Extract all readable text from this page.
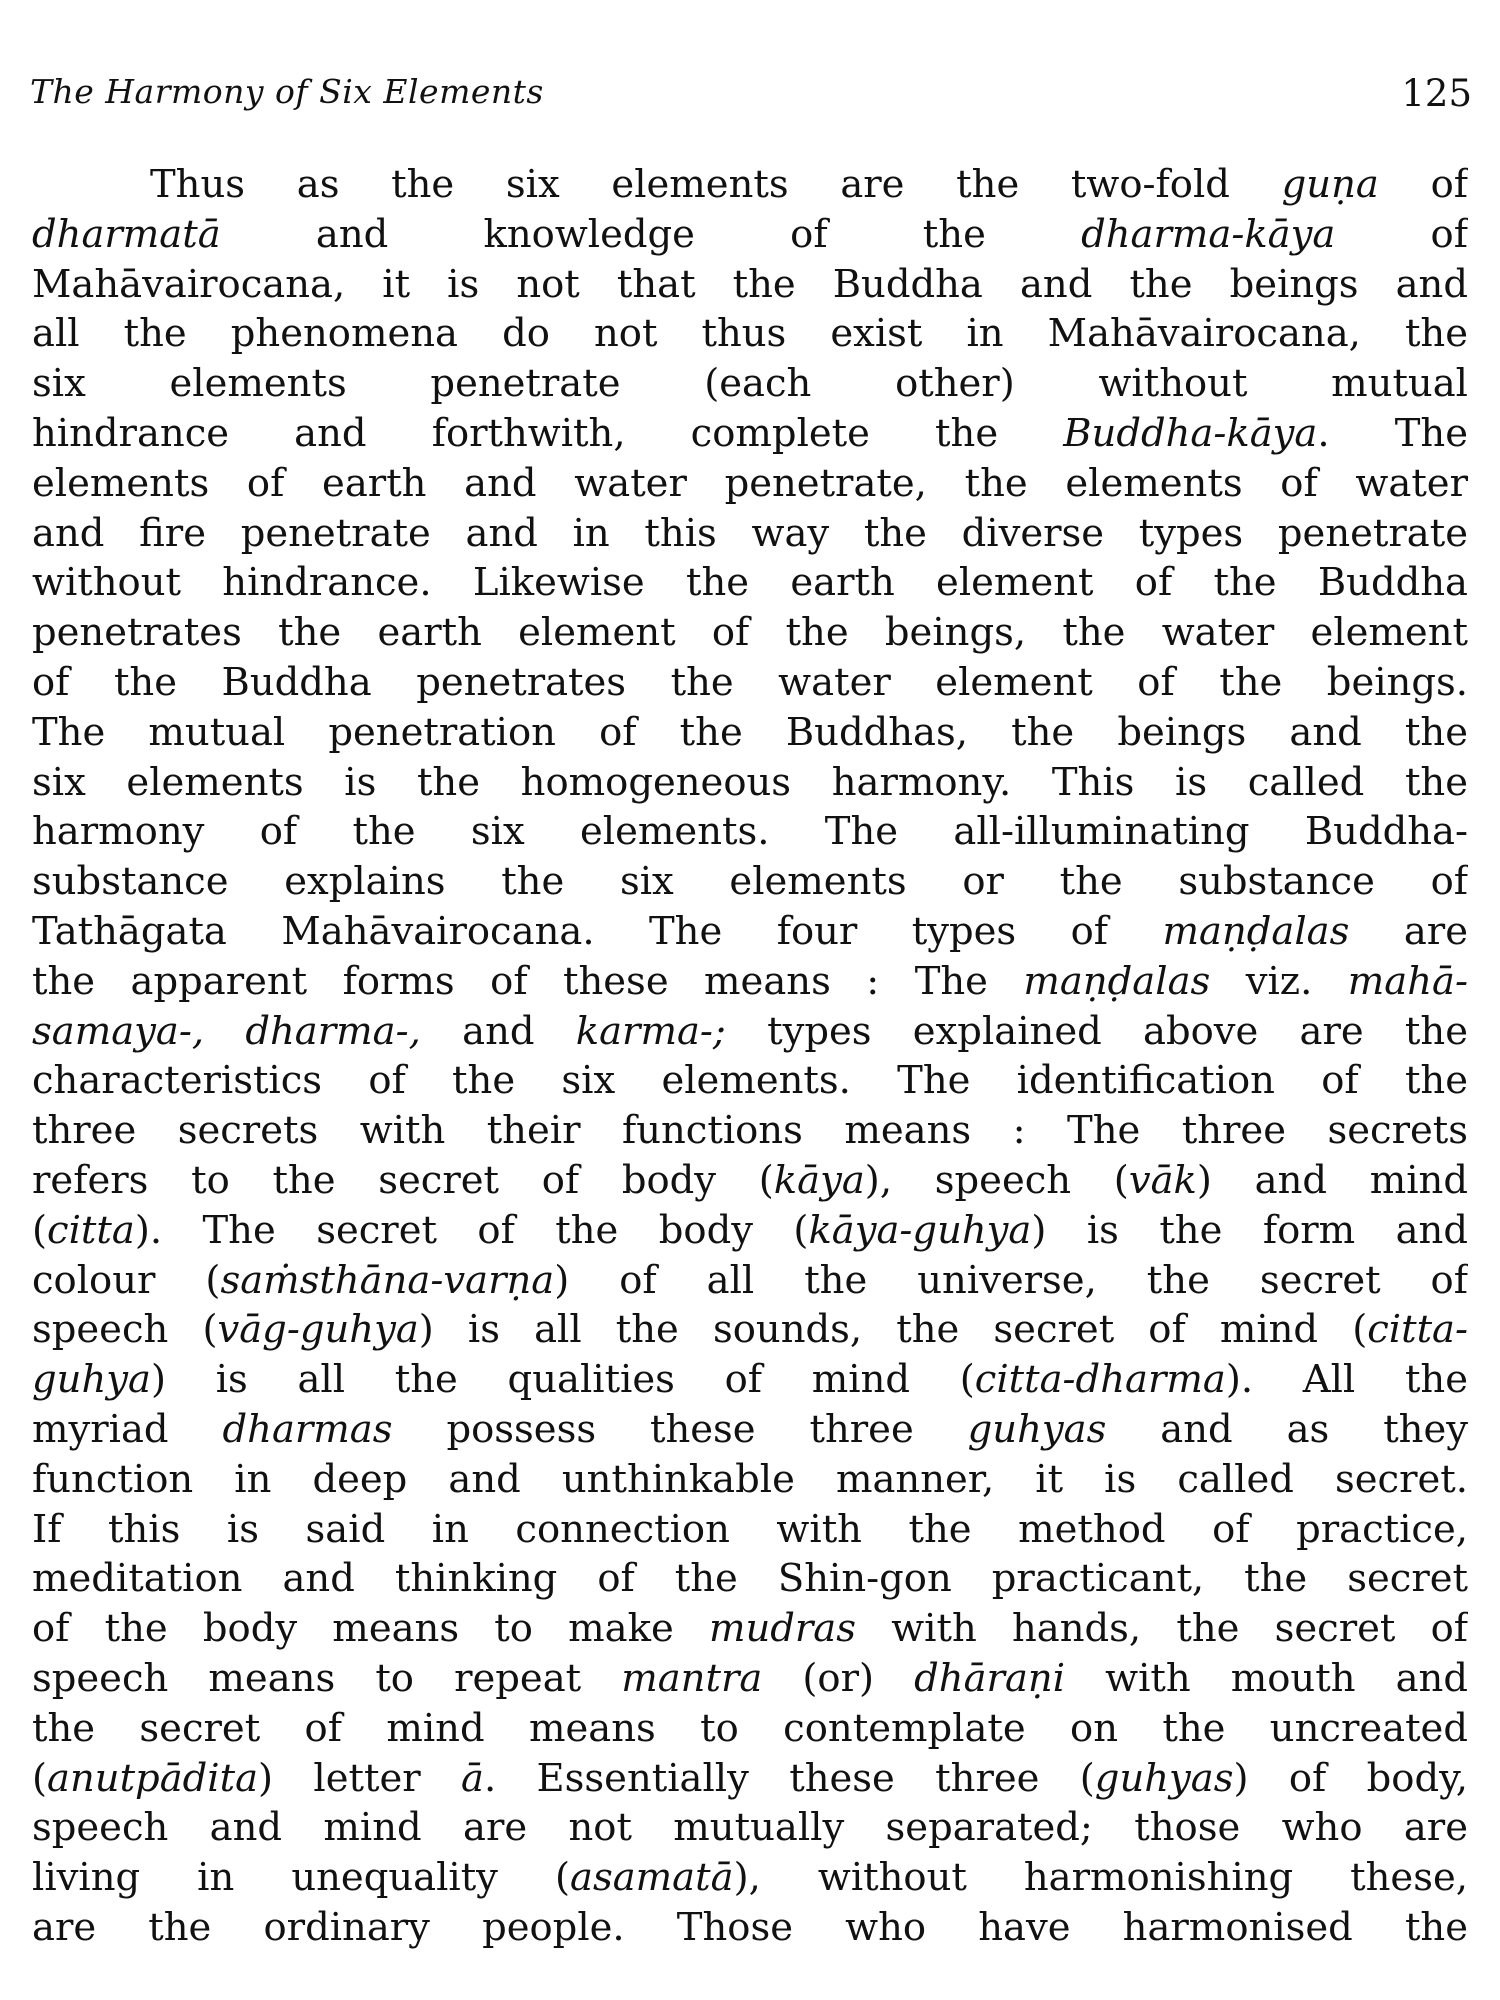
The Harmony of Six Elements	125
Thus as the six elements are the two-fold guṇa of
dharmatā and knowledge of the dharma-kāya of
Mahāvairocana, it is not that the Buddha and the beings and
all the phenomena do not thus exist in Mahāvairocana, the
six elements penetrate (each other) without mutual
hindrance and forthwith, complete the Buddha-kāya. The
elements of earth and water penetrate, the elements of water
and fire penetrate and in this way the diverse types penetrate
without hindrance. Likewise the earth element of the Buddha
penetrates the earth element of the beings, the water element
of the Buddha penetrates the water element of the beings.
The mutual penetration of the Buddhas, the beings and the
six elements is the homogeneous harmony. This is called the
harmony of the six elements. The all-illuminating Buddha-
substance explains the six elements or the substance of
Tathāgata Mahāvairocana. The four types of maṇḍalas are
the apparent forms of these means : The maṇḍalas viz. mahā-
samaya-, dharma-, and karma-; types explained above are the
characteristics of the six elements. The identification of the
three secrets with their functions means : The three secrets
refers to the secret of body (kāya), speech (vāk) and mind
(citta). The secret of the body (kāya-guhya) is the form and
colour (saṁsthāna-varṇa) of all the universe, the secret of
speech (vāg-guhya) is all the sounds, the secret of mind (citta-
guhya) is all the qualities of mind (citta-dharma). All the
myriad dharmas possess these three guhyas and as they
function in deep and unthinkable manner, it is called secret.
If this is said in connection with the method of practice,
meditation and thinking of the Shin-gon practicant, the secret
of the body means to make mudras with hands, the secret of
speech means to repeat mantra (or) dhāraṇi with mouth and
the secret of mind means to contemplate on the uncreated
(anutpādita) letter ā. Essentially these three (guhyas) of body,
speech and mind are not mutually separated; those who are
living in unequality (asamatā), without harmonishing these,
are the ordinary people. Those who have harmonised the
